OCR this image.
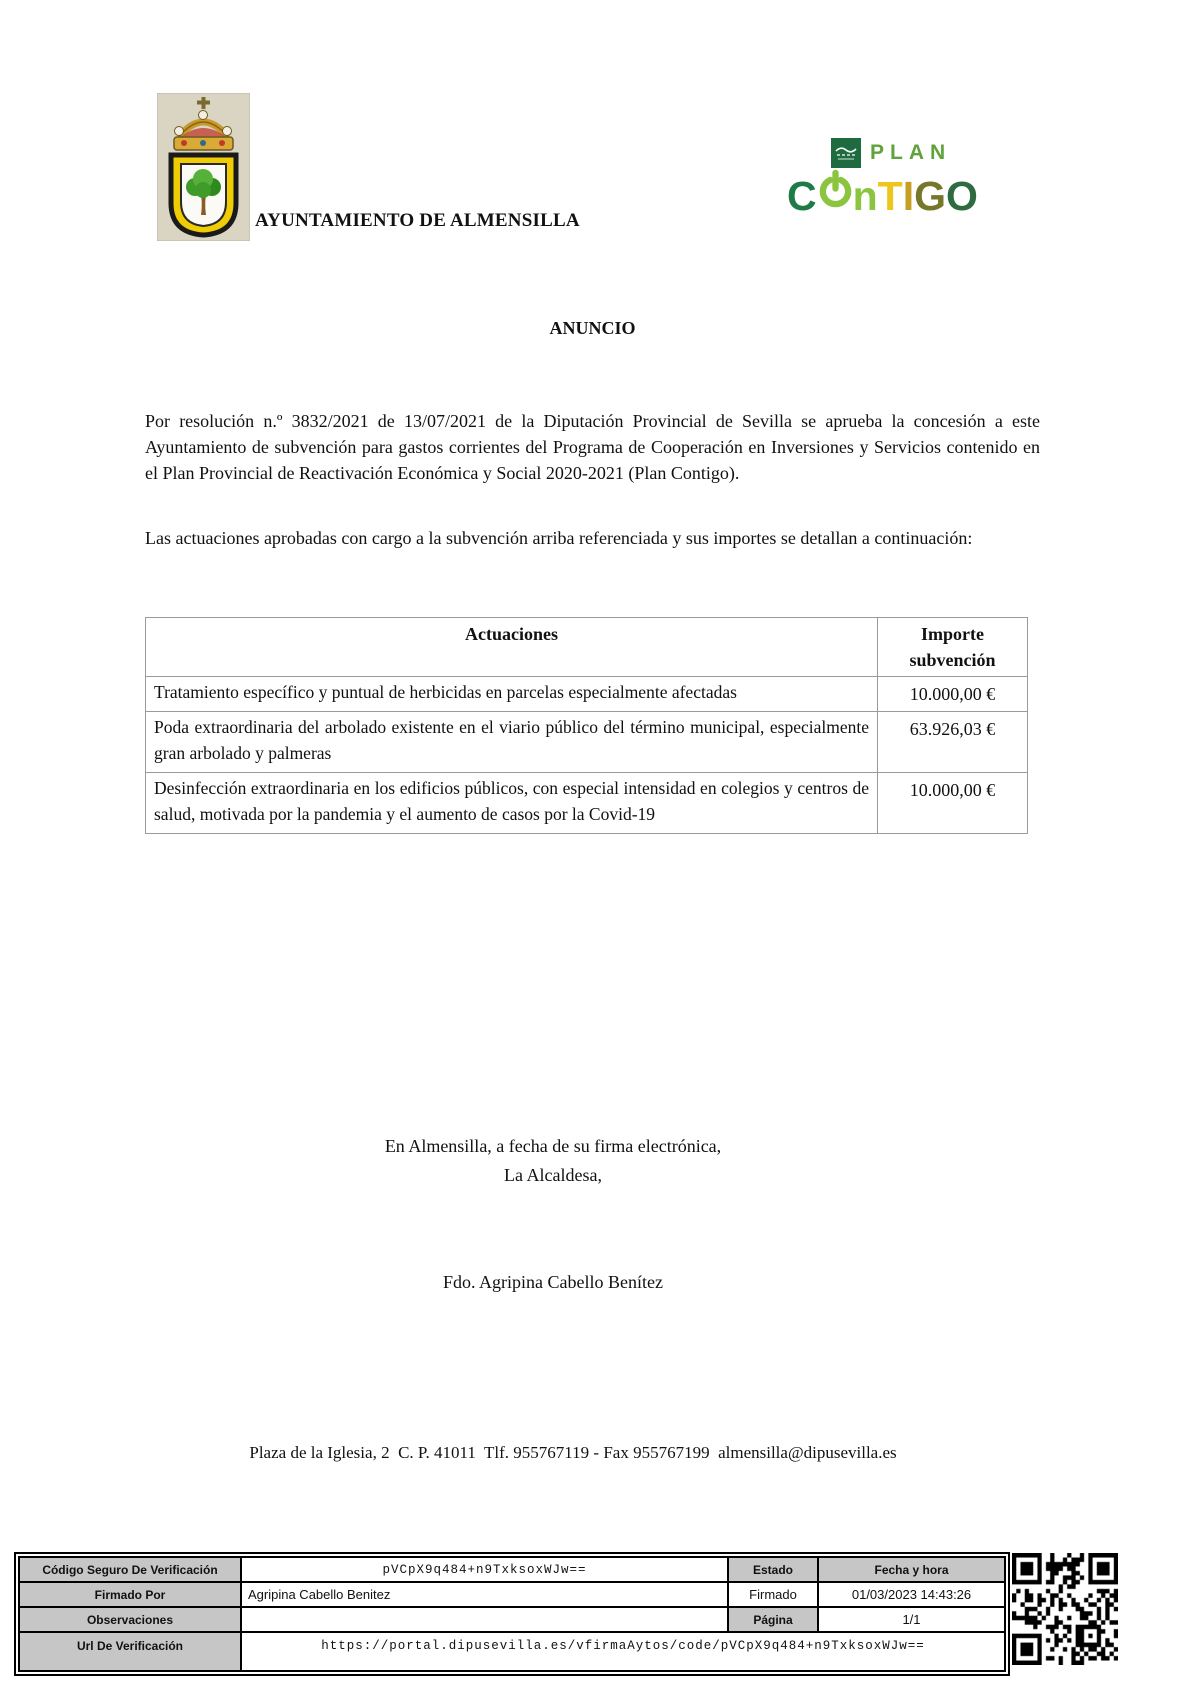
AYUNTAMIENTO DE ALMENSILLA
PLAN
C n T I G O
ANUNCIO

Por resolución n.º 3832/2021 de 13/07/2021 de la Diputación Provincial de Sevilla se aprueba la concesión a este Ayuntamiento de subvención para gastos corrientes del Programa de Cooperación en Inversiones y Servicios contenido en el Plan Provincial de Reactivación Económica y Social 2020-2021 (Plan Contigo).

Las actuaciones aprobadas con cargo a la subvención arriba referenciada y sus importes se detallan a continuación:

Actuaciones	Importe subvención
Tratamiento específico y puntual de herbicidas en parcelas especialmente afectadas	10.000,00 €
Poda extraordinaria del arbolado existente en el viario público del término municipal, especialmente gran arbolado y palmeras	63.926,03 €
Desinfección extraordinaria en los edificios públicos, con especial intensidad en colegios y centros de salud, motivada por la pandemia y el aumento de casos por la Covid-19	10.000,00 €
En Almensilla, a fecha de su firma electrónica,
La Alcaldesa,
Fdo. Agripina Cabello Benítez
Plaza de la Iglesia, 2  C. P. 41011  Tlf. 955767119 - Fax 955767199  almensilla@dipusevilla.es
Código Seguro De Verificación	pVCpX9q484+n9TxksoxWJw==	Estado	Fecha y hora
Firmado Por	Agripina Cabello Benitez	Firmado	01/03/2023 14:43:26
Observaciones		Página	1/1
Url De Verificación	https://portal.dipusevilla.es/vfirmaAytos/code/pVCpX9q484+n9TxksoxWJw==		
